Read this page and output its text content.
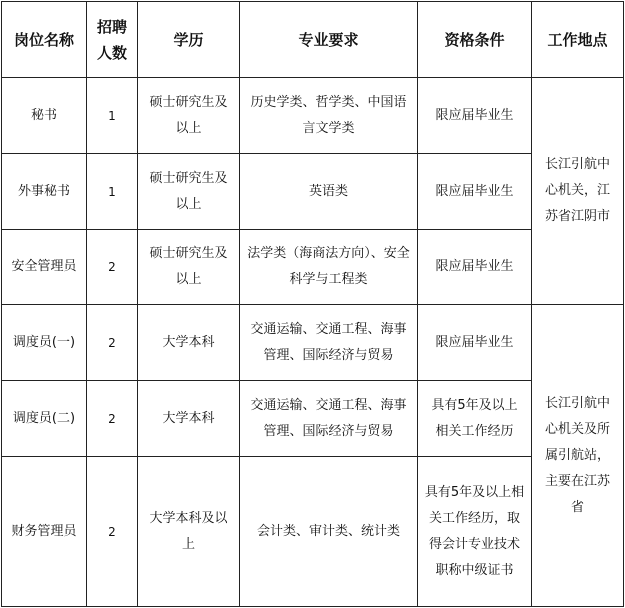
岗位名称	招聘人数	学历	专业要求	资格条件	工作地点
秘书	1	硕士研究生及以上	历史学类、哲学类、中国语言文学类	限应届毕业生	长江引航中心机关，江苏省江阴市
外事秘书	1	硕士研究生及以上	英语类	限应届毕业生	
安全管理员	2	硕士研究生及以上	法学类（海商法方向）、安全科学与工程类	限应届毕业生	
调度员(一)	2	大学本科	交通运输、交通工程、海事管理、国际经济与贸易	限应届毕业生	长江引航中心机关及所属引航站，主要在江苏省
调度员(二)	2	大学本科	交通运输、交通工程、海事管理、国际经济与贸易	具有5年及以上相关工作经历	
财务管理员	2	大学本科及以上	会计类、审计类、统计类	具有5年及以上相关工作经历，取得会计专业技术职称中级证书	
